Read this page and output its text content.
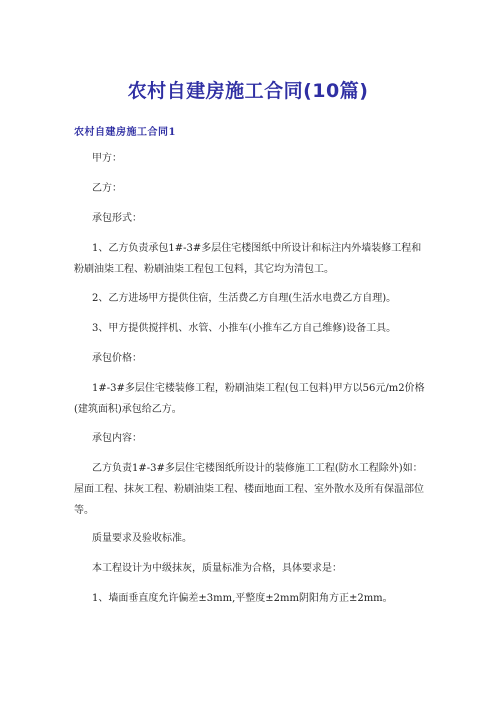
农村自建房施工合同(10篇)
农村自建房施工合同1
甲方：
乙方：
承包形式：
1、乙方负责承包1#-3#多层住宅楼图纸中所设计和标注内外墙装修工程和粉刷油柒工程、粉刷油柒工程包工包料，其它均为清包工。
2、乙方进场甲方提供住宿，生活费乙方自理(生活水电费乙方自理)。
3、甲方提供搅拌机、水管、小推车(小推车乙方自己维修)设备工具。
承包价格：
1#-3#多层住宅楼装修工程，粉刷油柒工程(包工包料)甲方以56元/m2价格(建筑面积)承包给乙方。
承包内容：
乙方负责1#-3#多层住宅楼图纸所设计的装修施工工程(防水工程除外)如：屋面工程、抹灰工程、粉刷油柒工程、楼面地面工程、室外散水及所有保温部位等。
质量要求及验收标准。
本工程设计为中级抹灰，质量标准为合格，具体要求是：
1、墙面垂直度允许偏差±3mm,平整度±2mm阴阳角方正±2mm。
